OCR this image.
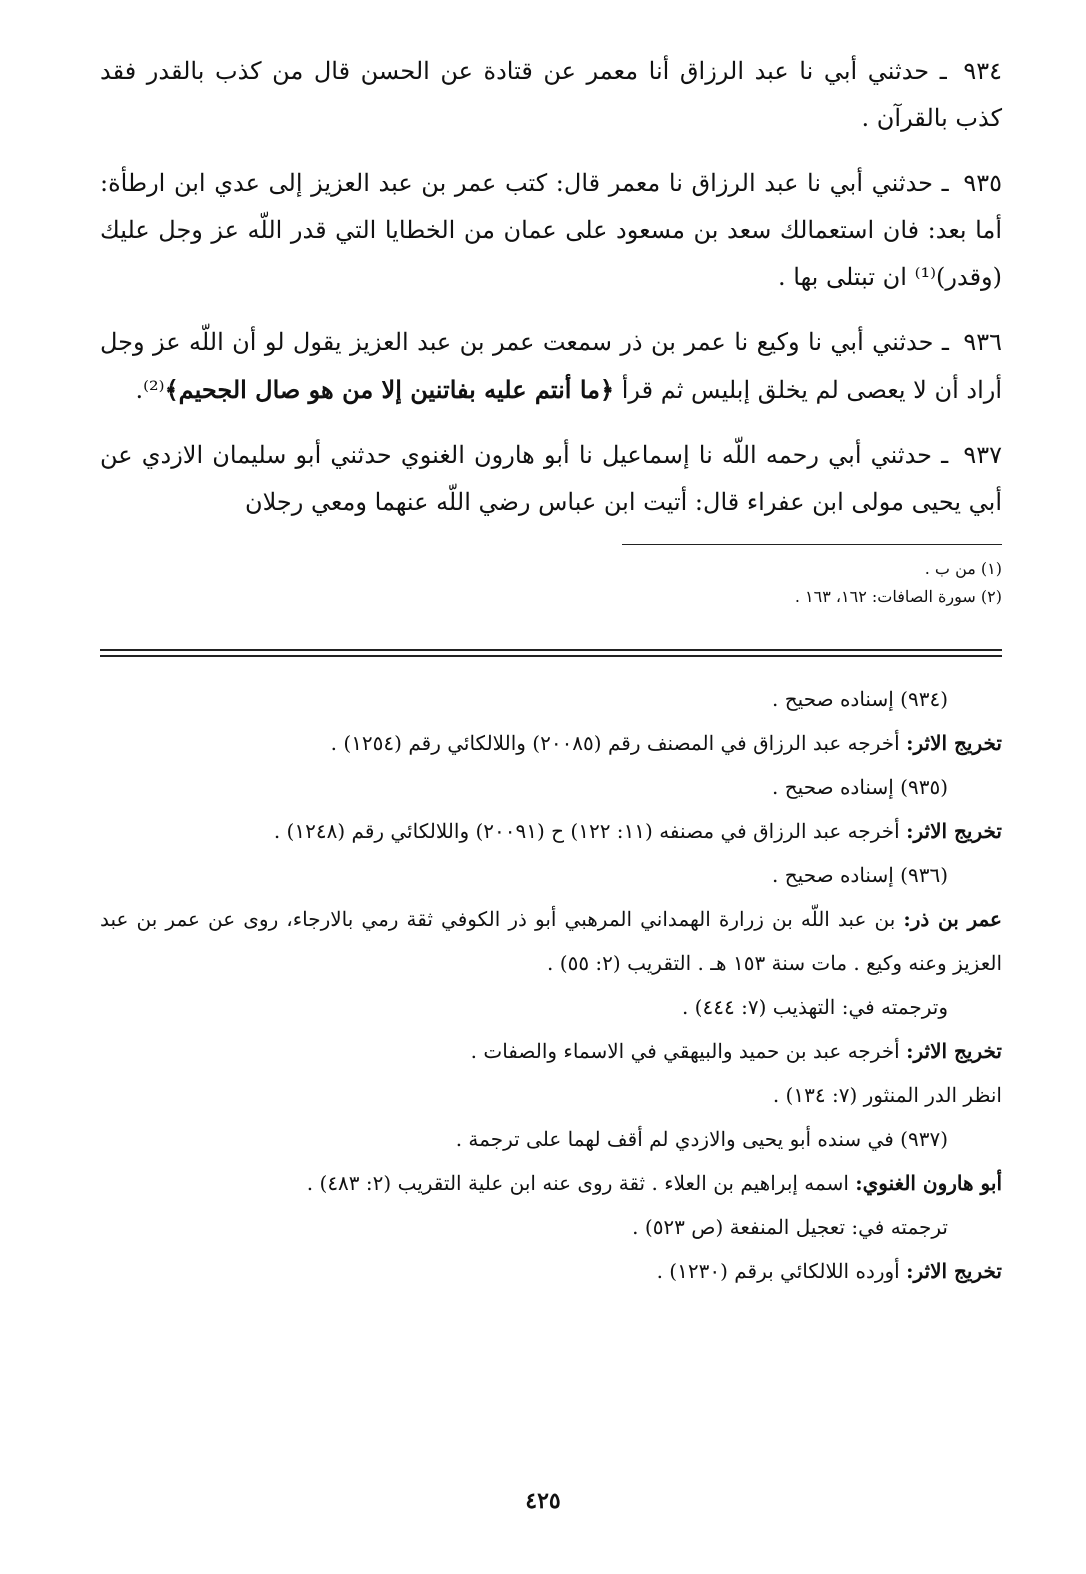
٩٣٤ ـ حدثني أبي نا عبد الرزاق أنا معمر عن قتادة عن الحسن قال من كذب بالقدر فقد كذب بالقرآن .

٩٣٥ ـ حدثني أبي نا عبد الرزاق نا معمر قال: كتب عمر بن عبد العزيز إلى عدي ابن ارطأة: أما بعد: فان استعمالك سعد بن مسعود على عمان من الخطايا التي قدر اللّه عز وجل عليك (وقدر)⁽¹⁾ ان تبتلى بها .

٩٣٦ ـ حدثني أبي نا وكيع نا عمر بن ذر سمعت عمر بن عبد العزيز يقول لو أن اللّه عز وجل أراد أن لا يعصى لم يخلق إبليس ثم قرأ ﴿ما أنتم عليه بفاتنين إلا من هو صال الجحيم﴾⁽²⁾.

٩٣٧ ـ حدثني أبي رحمه اللّه نا إسماعيل نا أبو هارون الغنوي حدثني أبو سليمان الازدي عن أبي يحيى مولى ابن عفراء قال: أتيت ابن عباس رضي اللّه عنهما ومعي رجلان

(١) من ب .

(٢) سورة الصافات: ١٦٢، ١٦٣ .

(٩٣٤) إسناده صحيح .

تخريج الاثر: أخرجه عبد الرزاق في المصنف رقم (٢٠٠٨٥) واللالكائي رقم (١٢٥٤) .

(٩٣٥) إسناده صحيح .

تخريج الاثر: أخرجه عبد الرزاق في مصنفه (١١: ١٢٢) ح (٢٠٠٩١) واللالكائي رقم (١٢٤٨) .

(٩٣٦) إسناده صحيح .

عمر بن ذر: بن عبد اللّه بن زرارة الهمداني المرهبي أبو ذر الكوفي ثقة رمي بالارجاء، روى عن عمر بن عبد العزيز وعنه وكيع . مات سنة ١٥٣ هـ . التقريب (٢: ٥٥) .

وترجمته في: التهذيب (٧: ٤٤٤) .

تخريج الاثر: أخرجه عبد بن حميد والبيهقي في الاسماء والصفات .

انظر الدر المنثور (٧: ١٣٤) .

(٩٣٧) في سنده أبو يحيى والازدي لم أقف لهما على ترجمة .

أبو هارون الغنوي: اسمه إبراهيم بن العلاء . ثقة روى عنه ابن علية التقريب (٢: ٤٨٣) .

ترجمته في: تعجيل المنفعة (ص ٥٢٣) .

تخريج الاثر: أورده اللالكائي برقم (١٢٣٠) .

٤٢٥
